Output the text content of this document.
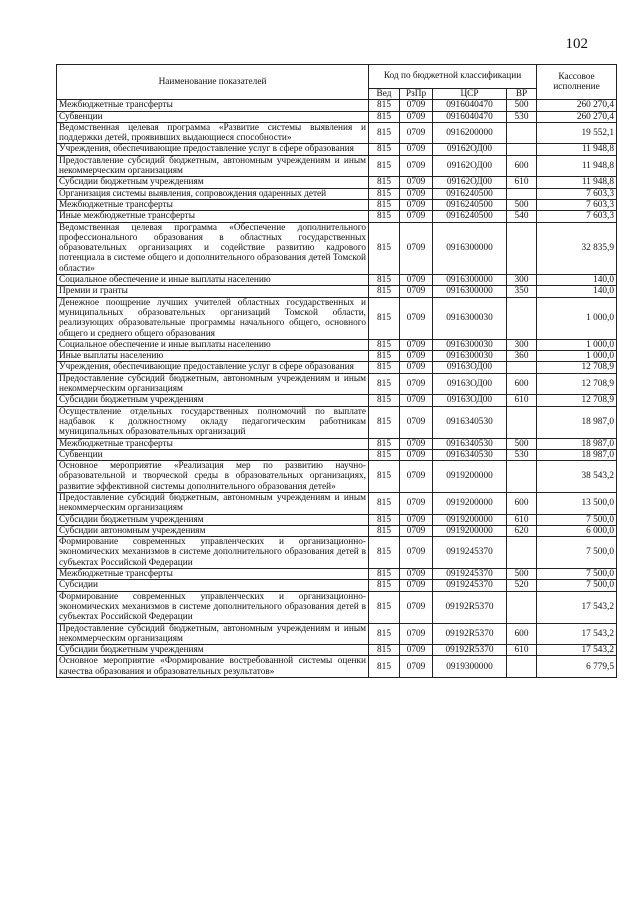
102
Наименование показателей	Код по бюджетной классификации				Кассовое исполнение
	Вед	РзПр	ЦСР	ВР	
Межбюджетные трансферты	815	0709	0916040470	500	260 270,4
Субвенции	815	0709	0916040470	530	260 270,4
Ведомственная целевая программа «Развитие системы выявления и поддержки детей, проявивших выдающиеся способности»	815	0709	0916200000		19 552,1
Учреждения, обеспечивающие предоставление услуг в сфере образования	815	0709	09162ОД00		11 948,8
Предоставление субсидий бюджетным, автономным учреждениям и иным некоммерческим организациям	815	0709	09162ОД00	600	11 948,8
Субсидии бюджетным учреждениям	815	0709	09162ОД00	610	11 948,8
Организация системы выявления, сопровождения одаренных детей	815	0709	0916240500		7 603,3
Межбюджетные трансферты	815	0709	0916240500	500	7 603,3
Иные межбюджетные трансферты	815	0709	0916240500	540	7 603,3
Ведомственная целевая программа «Обеспечение дополнительного профессионального образования в областных государственных образовательных организациях и содействие развитию кадрового потенциала в системе общего и дополнительного образования детей Томской области»	815	0709	0916300000		32 835,9
Социальное обеспечение и иные выплаты населению	815	0709	0916300000	300	140,0
Премии и гранты	815	0709	0916300000	350	140,0
Денежное поощрение лучших учителей областных государственных и муниципальных образовательных организаций Томской области, реализующих образовательные программы начального общего, основного общего и среднего общего образования	815	0709	0916300030		1 000,0
Социальное обеспечение и иные выплаты населению	815	0709	0916300030	300	1 000,0
Иные выплаты населению	815	0709	0916300030	360	1 000,0
Учреждения, обеспечивающие предоставление услуг в сфере образования	815	0709	09163ОД00		12 708,9
Предоставление субсидий бюджетным, автономным учреждениям и иным некоммерческим организациям	815	0709	09163ОД00	600	12 708,9
Субсидии бюджетным учреждениям	815	0709	09163ОД00	610	12 708,9
Осуществление отдельных государственных полномочий по выплате надбавок к должностному окладу педагогическим работникам муниципальных образовательных организаций	815	0709	0916340530		18 987,0
Межбюджетные трансферты	815	0709	0916340530	500	18 987,0
Субвенции	815	0709	0916340530	530	18 987,0
Основное мероприятие «Реализация мер по развитию научно-образовательной и творческой среды в образовательных организациях, развитие эффективной системы дополнительного образования детей»	815	0709	0919200000		38 543,2
Предоставление субсидий бюджетным, автономным учреждениям и иным некоммерческим организациям	815	0709	0919200000	600	13 500,0
Субсидии бюджетным учреждениям	815	0709	0919200000	610	7 500,0
Субсидии автономным учреждениям	815	0709	0919200000	620	6 000,0
Формирование современных управленческих и организационно-экономических механизмов в системе дополнительного образования детей в субъектах Российской Федерации	815	0709	0919245370		7 500,0
Межбюджетные трансферты	815	0709	0919245370	500	7 500,0
Субсидии	815	0709	0919245370	520	7 500,0
Формирование современных управленческих и организационно-экономических механизмов в системе дополнительного образования детей в субъектах Российской Федерации	815	0709	09192R5370		17 543,2
Предоставление субсидий бюджетным, автономным учреждениям и иным некоммерческим организациям	815	0709	09192R5370	600	17 543,2
Субсидии бюджетным учреждениям	815	0709	09192R5370	610	17 543,2
Основное мероприятие «Формирование востребованной системы оценки качества образования и образовательных результатов»	815	0709	0919300000		6 779,5
